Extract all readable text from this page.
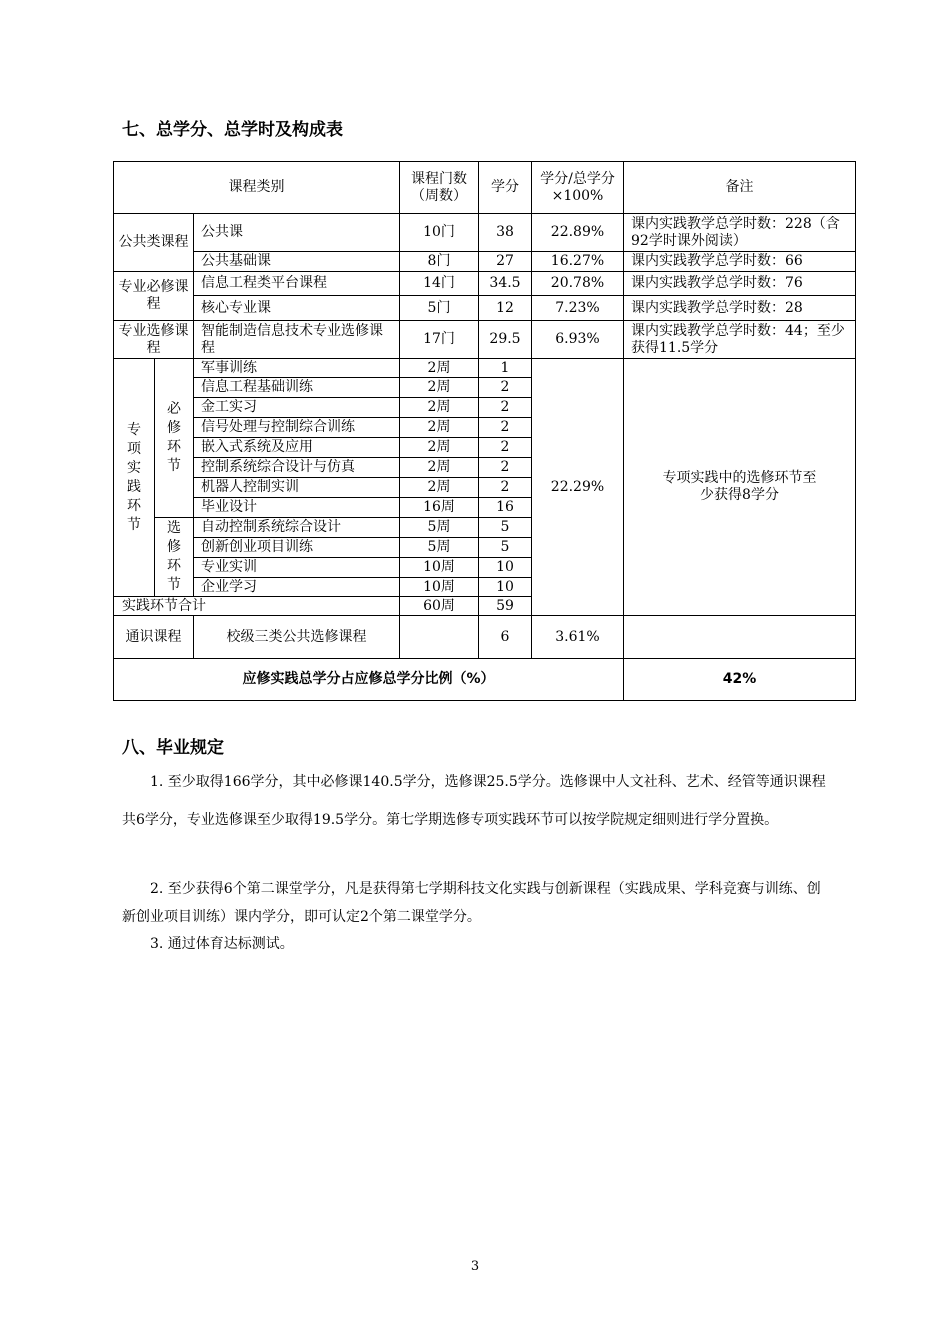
七、总学分、总学时及构成表
课程类别			课程门数（周数）	学分	学分/总学分×100%	备注
公共类课程		公共课	10门	38	22.89%	课内实践教学总学时数：228（含92学时课外阅读）
		公共基础课	8门	27	16.27%	课内实践教学总学时数：66
专业必修课程		信息工程类平台课程	14门	34.5	20.78%	课内实践教学总学时数：76
		核心专业课	5门	12	7.23%	课内实践教学总学时数：28
专业选修课程		智能制造信息技术专业选修课程	17门	29.5	6.93%	课内实践教学总学时数：44；至少获得11.5学分
专项实践环节	必修环节	军事训练	2周	1	22.29%	专项实践中的选修环节至少获得8学分
		信息工程基础训练	2周	2		
		金工实习	2周	2		
		信号处理与控制综合训练	2周	2		
		嵌入式系统及应用	2周	2		
		控制系统综合设计与仿真	2周	2		
		机器人控制实训	2周	2		
		毕业设计	16周	16		
	选修环节	自动控制系统综合设计	5周	5		
		创新创业项目训练	5周	5		
		专业实训	10周	10		
		企业学习	10周	10		
实践环节合计			60周	59		
通识课程		校级三类公共选修课程		6	3.61%	
应修实践总学分占应修总学分比例（%）						42%
八、毕业规定
1. 至少取得166学分，其中必修课140.5学分，选修课25.5学分。选修课中人文社科、艺术、经管等通识课程共6学分，专业选修课至少取得19.5学分。第七学期选修专项实践环节可以按学院规定细则进行学分置换。
2. 至少获得6个第二课堂学分，凡是获得第七学期科技文化实践与创新课程（实践成果、学科竞赛与训练、创新创业项目训练）课内学分，即可认定2个第二课堂学分。
3. 通过体育达标测试。
3
